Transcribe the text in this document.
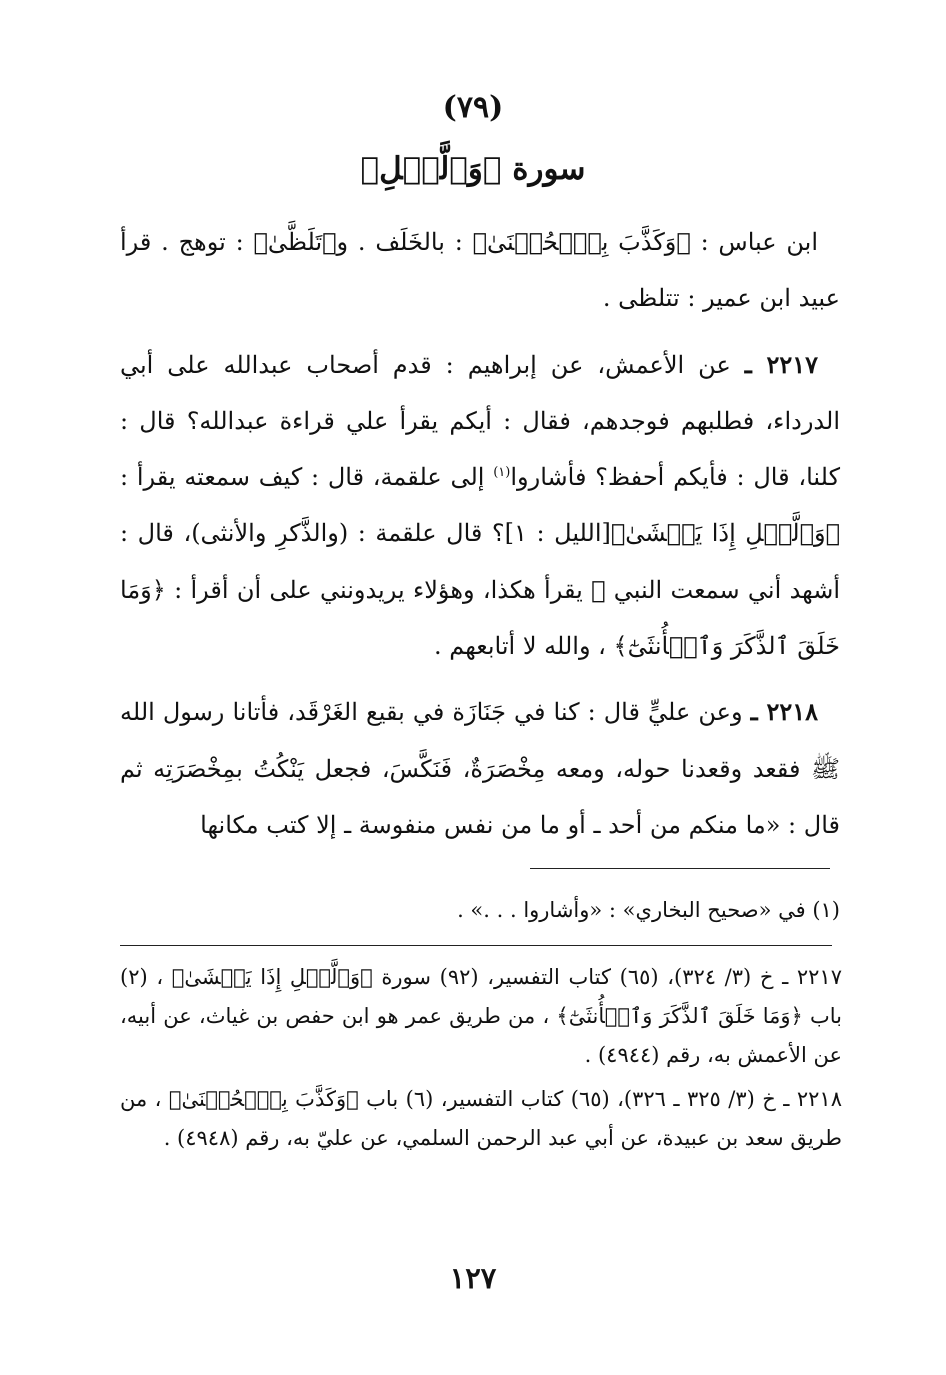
(٧٩)
سورة ﴿وَٱلَّيۡلِ﴾

ابن عباس : ﴿وَكَذَّبَ بِٱلۡحُسۡنَىٰ﴾ : بالخَلَف . و﴿تَلَظَّىٰ﴾ : توهج . قرأ عبيد ابن عمير : تتلظى .

٢٢١٧ ـ عن الأعمش، عن إبراهيم : قدم أصحاب عبدالله على أبي الدرداء، فطلبهم فوجدهم، فقال : أيكم يقرأ علي قراءة عبدالله؟ قال : كلنا، قال : فأيكم أحفظ؟ فأشاروا$^{(١)}$ إلى علقمة، قال : كيف سمعته يقرأ : ﴿وَٱلَّيۡلِ إِذَا يَغۡشَىٰ﴾[الليل : ١]؟ قال علقمة : (والذَّكرِ والأنثى)، قال : أشهد أني سمعت النبي ﷺ يقرأ هكذا، وهؤلاء يريدونني على أن أقرأ : ﴿وَمَا خَلَقَ ٱلذَّكَرَ وَٱلۡأُنثَىٰٓ﴾ ، والله لا أتابعهم .

٢٢١٨ ـ وعن عليٍّ قال : كنا في جَنَازَة في بقيع الغَرْقَد، فأتانا رسول الله ﷺ فقعد وقعدنا حوله، ومعه مِخْصَرَةٌ، فَنَكَّسَ، فجعل يَنْكُتُ بمِخْصَرَتِه ثم قال : «ما منكم من أحد ـ أو ما من نفس منفوسة ـ إلا كتب مكانها

(١) في «صحيح البخاري» : «وأشاروا . . .» .

٢٢١٧ ـ خ (٣/ ٣٢٤)، (٦٥) كتاب التفسير، (٩٢) سورة ﴿وَٱلَّيۡلِ إِذَا يَغۡشَىٰ﴾ ، (٢) باب ﴿وَمَا خَلَقَ ٱلذَّكَرَ وَٱلۡأُنثَىٰٓ﴾ ، من طريق عمر هو ابن حفص بن غياث، عن أبيه، عن الأعمش به، رقم (٤٩٤٤) .

٢٢١٨ ـ خ (٣/ ٣٢٥ ـ ٣٢٦)، (٦٥) كتاب التفسير، (٦) باب ﴿وَكَذَّبَ بِٱلۡحُسۡنَىٰ﴾ ، من طريق سعد بن عبيدة، عن أبي عبد الرحمن السلمي، عن عليّ به، رقم (٤٩٤٨) .

١٢٧
